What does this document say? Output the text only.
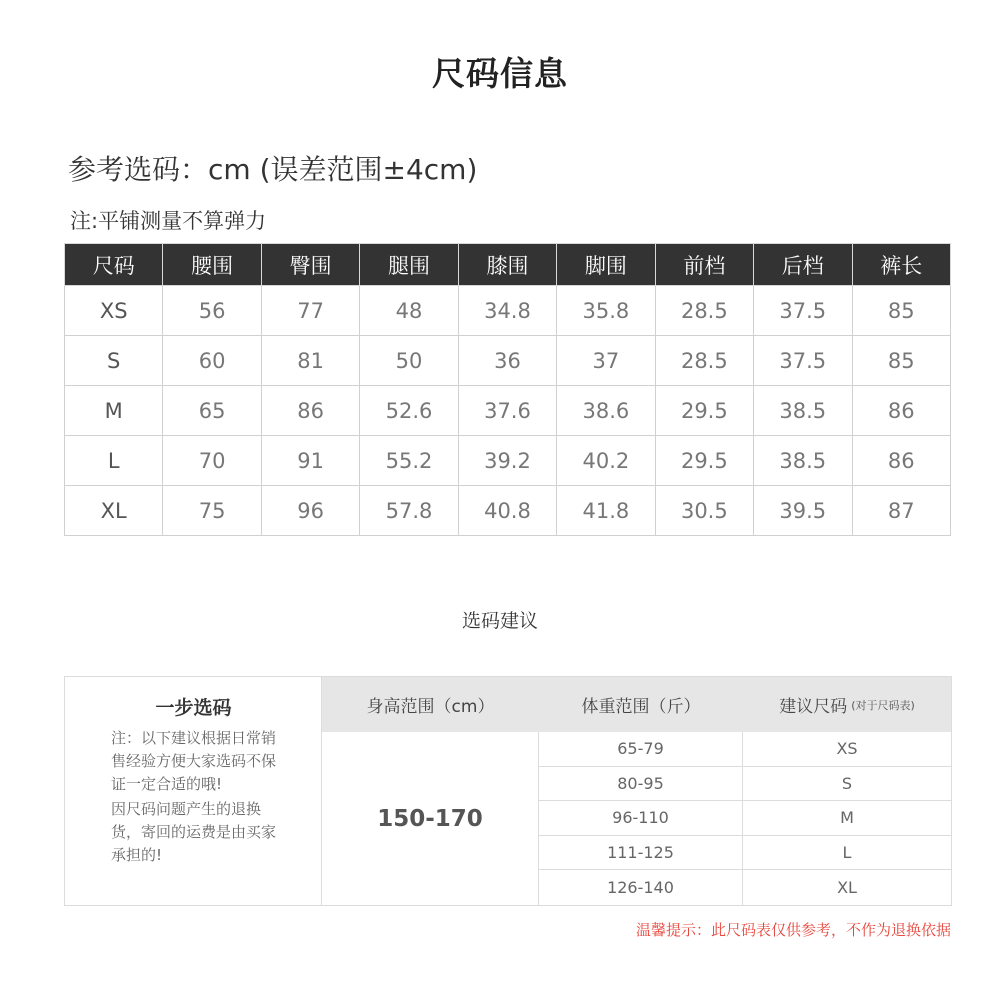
尺码信息
参考选码：cm (误差范围±4cm)
注:平铺测量不算弹力
尺码	腰围	臀围	腿围	膝围	脚围	前档	后档	裤长
XS	56	77	48	34.8	35.8	28.5	37.5	85
S	60	81	50	36	37	28.5	37.5	85
M	65	86	52.6	37.6	38.6	29.5	38.5	86
L	70	91	55.2	39.2	40.2	29.5	38.5	86
XL	75	96	57.8	40.8	41.8	30.5	39.5	87
选码建议
一步选码
注：以下建议根据日常销售经验方便大家选码不保证一定合适的哦!
因尺码问题产生的退换货，寄回的运费是由买家承担的!
身高范围（cm）	体重范围（斤）	建议尺码 (对于尺码表)
150-170
65-79	XS
80-95	S
96-110	M
111-125	L
126-140	XL
温馨提示：此尺码表仅供参考，不作为退换依据
